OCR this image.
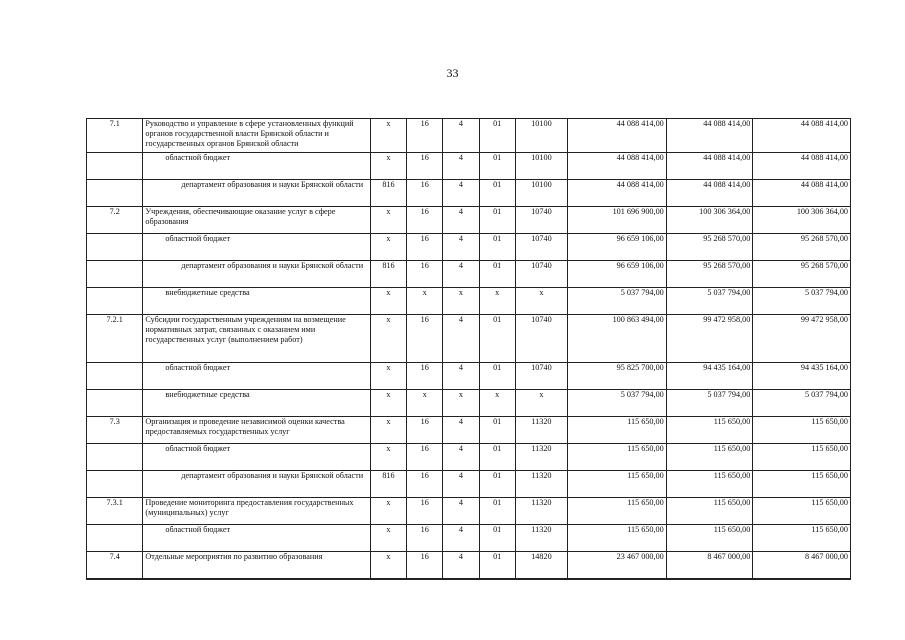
33
7.1	Руководство и управление в сфере установленных функций органов государственной власти Брянской области и государственных органов Брянской области	х	16	4	01	10100	44 088 414,00	44 088 414,00	44 088 414,00
	областной бюджет	х	16	4	01	10100	44 088 414,00	44 088 414,00	44 088 414,00
	департамент образования и науки Брянской области	816	16	4	01	10100	44 088 414,00	44 088 414,00	44 088 414,00
7.2	Учреждения, обеспечивающие оказание услуг в сфере образования	х	16	4	01	10740	101 696 900,00	100 306 364,00	100 306 364,00
	областной бюджет	х	16	4	01	10740	96 659 106,00	95 268 570,00	95 268 570,00
	департамент образования и науки Брянской области	816	16	4	01	10740	96 659 106,00	95 268 570,00	95 268 570,00
	внебюджетные средства	х	х	х	х	х	5 037 794,00	5 037 794,00	5 037 794,00
7.2.1	Субсидии государственным учреждениям на возмещение нормативных затрат, связанных с оказанием ими государственных услуг (выполнением работ)	х	16	4	01	10740	100 863 494,00	99 472 958,00	99 472 958,00
	областной бюджет	х	16	4	01	10740	95 825 700,00	94 435 164,00	94 435 164,00
	внебюджетные средства	х	х	х	х	х	5 037 794,00	5 037 794,00	5 037 794,00
7.3	Организация и проведение независимой оценки качества предоставляемых государственных услуг	х	16	4	01	11320	115 650,00	115 650,00	115 650,00
	областной бюджет	х	16	4	01	11320	115 650,00	115 650,00	115 650,00
	департамент образования и науки Брянской области	816	16	4	01	11320	115 650,00	115 650,00	115 650,00
7.3.1	Проведение мониторинга предоставления государственных (муниципальных) услуг	х	16	4	01	11320	115 650,00	115 650,00	115 650,00
	областной бюджет	х	16	4	01	11320	115 650,00	115 650,00	115 650,00
7.4	Отдельные мероприятия по развитию образования	х	16	4	01	14820	23 467 000,00	8 467 000,00	8 467 000,00
